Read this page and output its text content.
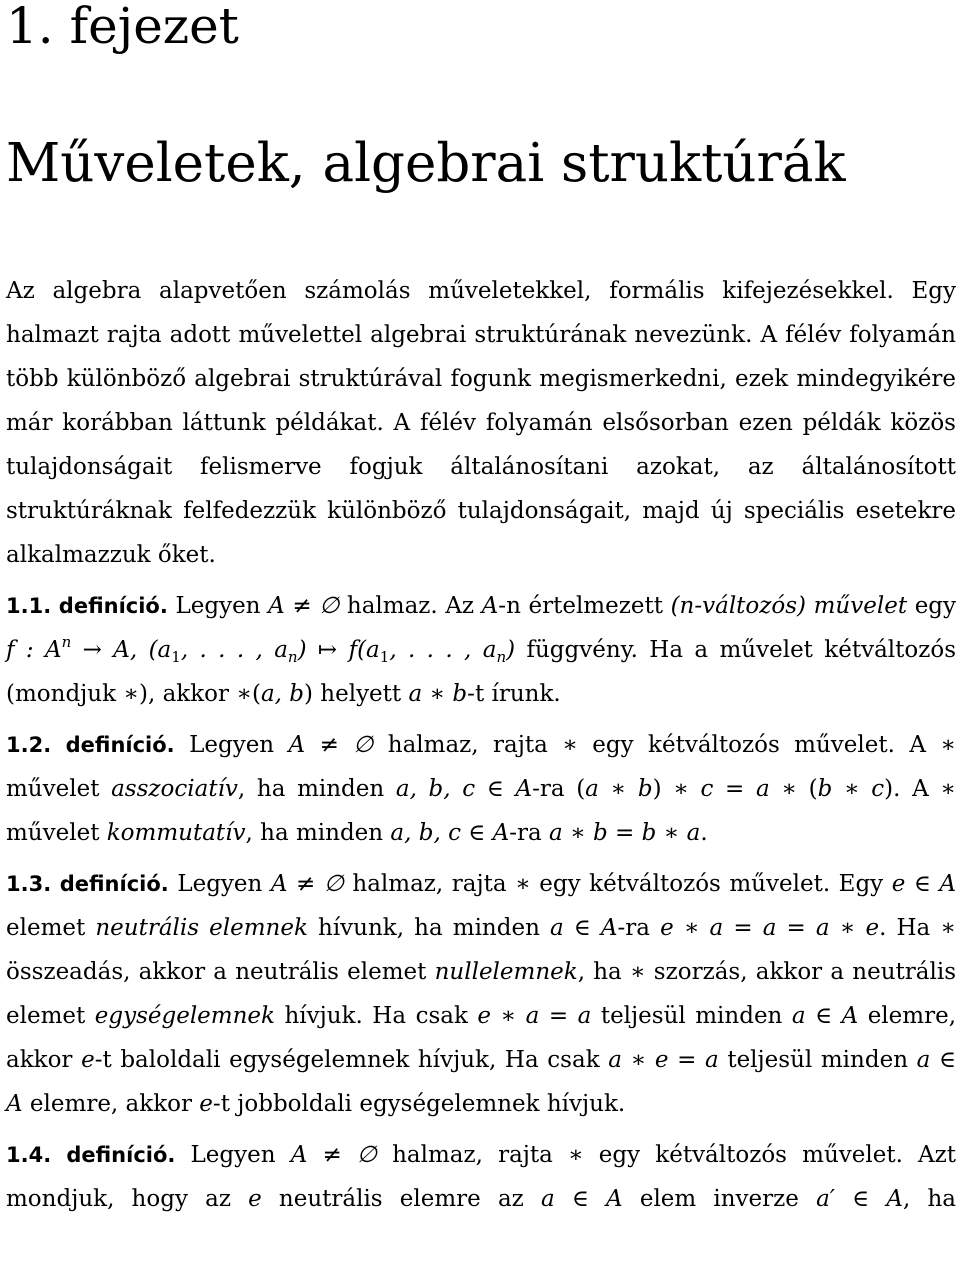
1. fejezet
Műveletek, algebrai struktúrák

Az algebra alapvetően számolás műveletekkel, formális kifejezésekkel. Egy halmazt rajta adott művelettel algebrai struktúrának nevezünk. A félév folyamán több különböző algebrai struktúrával fogunk megismerkedni, ezek mindegyikére már korábban láttunk példákat. A félév folyamán elsősorban ezen példák közös tulajdonságait felismerve fogjuk általánosítani azokat, az általánosított struktúráknak felfedezzük különböző tulajdonságait, majd új speciális esetekre alkalmazzuk őket.

1.1. definíció. Legyen A ≠ ∅ halmaz. Az A-n értelmezett (n-változós) művelet egy f : $A^n \to A$, ($a_1$, . . . , $a_n$) ↦ $f(a_1$, . . . , $a_n$) függvény. Ha a művelet kétváltozós (mondjuk ∗), akkor ∗(a, b) helyett a ∗ b-t írunk.

1.2. definíció. Legyen A ≠ ∅ halmaz, rajta ∗ egy kétváltozós művelet. A ∗ művelet asszociatív, ha minden a, b, c ∈ A-ra (a ∗ b) ∗ c = a ∗ (b ∗ c). A ∗ művelet kommutatív, ha minden a, b, c ∈ A-ra a ∗ b = b ∗ a.

1.3. definíció. Legyen A ≠ ∅ halmaz, rajta ∗ egy kétváltozós művelet. Egy e ∈ A elemet neutrális elemnek hívunk, ha minden a ∈ A-ra e ∗ a = a = a ∗ e. Ha ∗ összeadás, akkor a neutrális elemet nullelemnek, ha ∗ szorzás, akkor a neutrális elemet egységelemnek hívjuk. Ha csak e ∗ a = a teljesül minden a ∈ A elemre, akkor e-t baloldali egységelemnek hívjuk, Ha csak a ∗ e = a teljesül minden a ∈ A elemre, akkor e-t jobboldali egységelemnek hívjuk.

1.4. definíció. Legyen A ≠ ∅ halmaz, rajta ∗ egy kétváltozós művelet. Azt mondjuk, hogy az e neutrális elemre az a ∈ A elem inverze a′ ∈ A, ha
